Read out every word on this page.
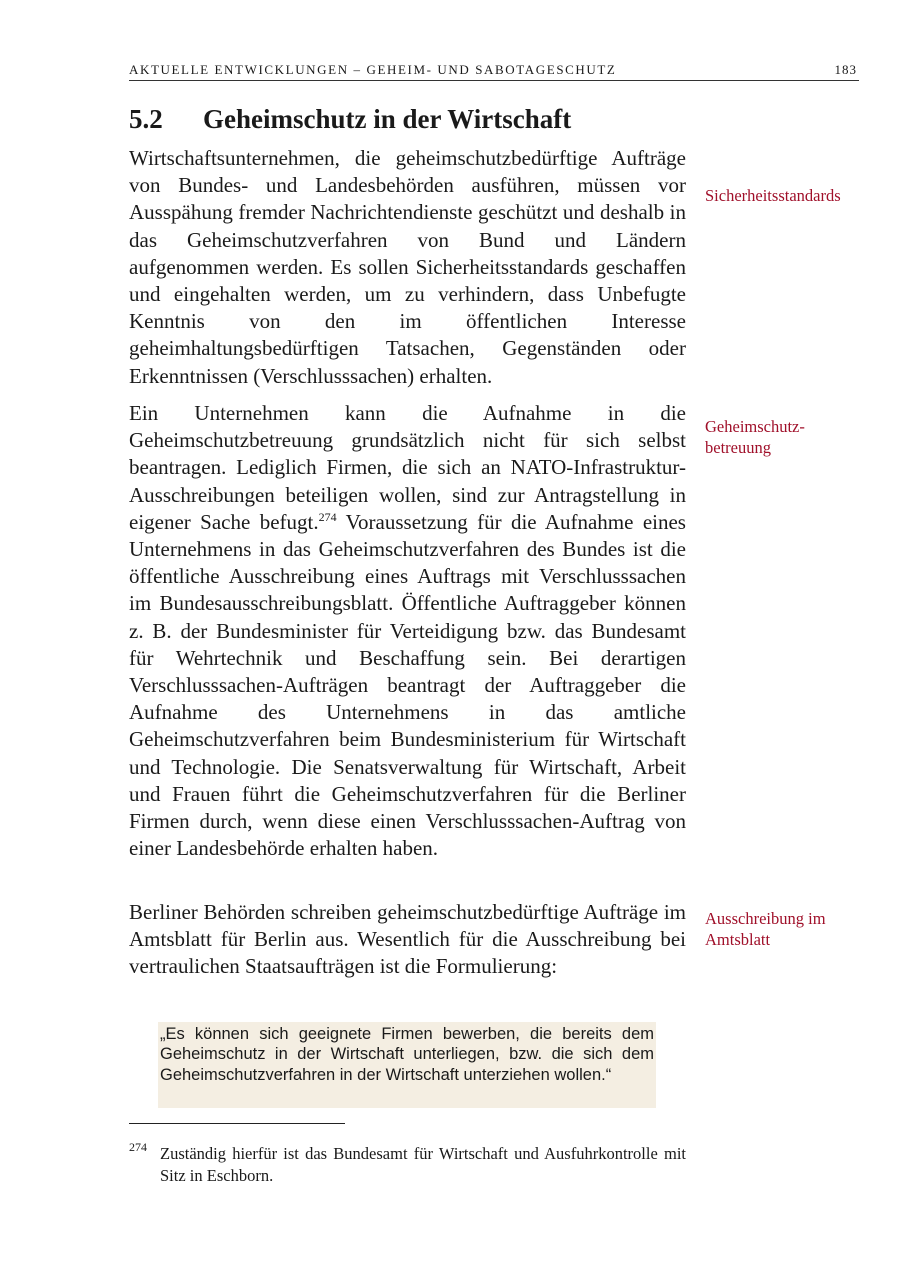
AKTUELLE ENTWICKLUNGEN – GEHEIM- UND SABOTAGESCHUTZ	183
5.2 Geheimschutz in der Wirtschaft

Wirtschaftsunternehmen, die geheimschutzbedürftige Aufträge von Bundes- und Landesbehörden ausführen, müssen vor Ausspähung fremder Nachrichtendienste geschützt und deshalb in das Geheimschutzverfahren von Bund und Ländern aufgenommen werden. Es sollen Sicherheitsstandards geschaffen und eingehalten werden, um zu verhindern, dass Unbefugte Kenntnis von den im öffentlichen Interesse geheimhaltungsbedürftigen Tatsachen, Gegenständen oder Erkenntnissen (Verschlusssachen) erhalten.

Ein Unternehmen kann die Aufnahme in die Geheimschutzbetreuung grundsätzlich nicht für sich selbst beantragen. Lediglich Firmen, die sich an NATO-Infrastruktur-Ausschreibungen beteiligen wollen, sind zur Antragstellung in eigener Sache befugt.$^{274}$ Voraussetzung für die Aufnahme eines Unternehmens in das Geheimschutzverfahren des Bundes ist die öffentliche Ausschreibung eines Auftrags mit Verschlusssachen im Bundesausschreibungsblatt. Öffentliche Auftraggeber können z. B. der Bundesminister für Verteidigung bzw. das Bundesamt für Wehrtechnik und Beschaffung sein. Bei derartigen Verschlusssachen-Aufträgen beantragt der Auftraggeber die Aufnahme des Unternehmens in das amtliche Geheimschutzverfahren beim Bundesministerium für Wirtschaft und Technologie. Die Senatsverwaltung für Wirtschaft, Arbeit und Frauen führt die Geheimschutzverfahren für die Berliner Firmen durch, wenn diese einen Verschlusssachen-Auftrag von einer Landesbehörde erhalten haben.

Berliner Behörden schreiben geheimschutzbedürftige Aufträge im Amtsblatt für Berlin aus. Wesentlich für die Ausschreibung bei vertraulichen Staatsaufträgen ist die Formulierung:

Sicherheitsstandards

Geheimschutz-betreuung

Ausschreibung im Amtsblatt

„Es können sich geeignete Firmen bewerben, die bereits dem Geheimschutz in der Wirtschaft unterliegen, bzw. die sich dem Geheimschutzverfahren in der Wirtschaft unterziehen wollen.“

274 Zuständig hierfür ist das Bundesamt für Wirtschaft und Ausfuhrkontrolle mit Sitz in Eschborn.
